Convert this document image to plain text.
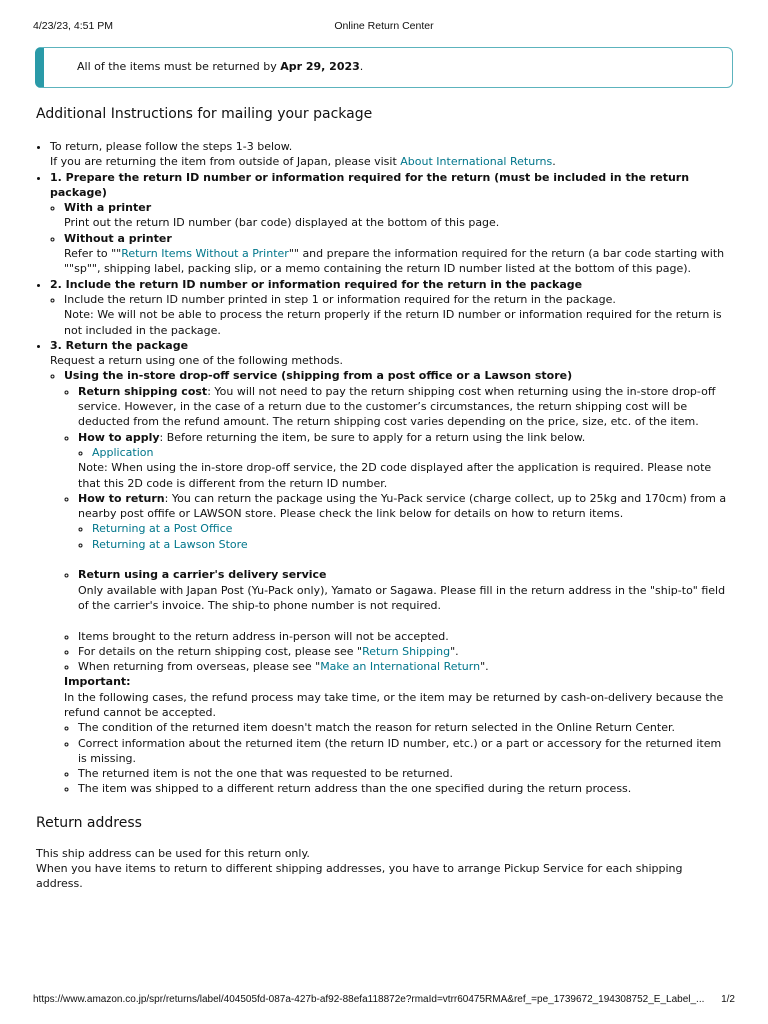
4/23/23, 4:51 PM	Online Return Center
All of the items must be returned by Apr 29, 2023.
Additional Instructions for mailing your package
• To return, please follow the steps 1-3 below.
If you are returning the item from outside of Japan, please visit About International Returns.
• 1. Prepare the return ID number or information required for the return (must be included in the return package)
◦ With a printer
Print out the return ID number (bar code) displayed at the bottom of this page.
◦ Without a printer
Refer to ""Return Items Without a Printer"" and prepare the information required for the return (a bar code starting with ""sp"", shipping label, packing slip, or a memo containing the return ID number listed at the bottom of this page).
• 2. Include the return ID number or information required for the return in the package
◦ Include the return ID number printed in step 1 or information required for the return in the package.
Note: We will not be able to process the return properly if the return ID number or information required for the return is not included in the package.
• 3. Return the package
Request a return using one of the following methods.
◦ Using the in-store drop-off service (shipping from a post office or a Lawson store)
◦ Return shipping cost: You will not need to pay the return shipping cost when returning using the in-store drop-off service. However, in the case of a return due to the customer’s circumstances, the return shipping cost will be deducted from the refund amount. The return shipping cost varies depending on the price, size, etc. of the item.
◦ How to apply: Before returning the item, be sure to apply for a return using the link below.
◦ Application
Note: When using the in-store drop-off service, the 2D code displayed after the application is required. Please note that this 2D code is different from the return ID number.
◦ How to return: You can return the package using the Yu-Pack service (charge collect, up to 25kg and 170cm) from a nearby post offife or LAWSON store. Please check the link below for details on how to return items.
◦ Returning at a Post Office
◦ Returning at a Lawson Store
◦ Return using a carrier's delivery service
Only available with Japan Post (Yu-Pack only), Yamato or Sagawa. Please fill in the return address in the "ship-to" field of the carrier's invoice. The ship-to phone number is not required.
◦ Items brought to the return address in-person will not be accepted.
◦ For details on the return shipping cost, please see "Return Shipping".
◦ When returning from overseas, please see "Make an International Return".
Important:
In the following cases, the refund process may take time, or the item may be returned by cash-on-delivery because the refund cannot be accepted.
◦ The condition of the returned item doesn't match the reason for return selected in the Online Return Center.
◦ Correct information about the returned item (the return ID number, etc.) or a part or accessory for the returned item is missing.
◦ The returned item is not the one that was requested to be returned.
◦ The item was shipped to a different return address than the one specified during the return process.
Return address
This ship address can be used for this return only.
When you have items to return to different shipping addresses, you have to arrange Pickup Service for each shipping address.
https://www.amazon.co.jp/spr/returns/label/404505fd-087a-427b-af92-88efa118872e?rmaId=vtrr60475RMA&ref_=pe_1739672_194308752_E_Label_...	1/2
